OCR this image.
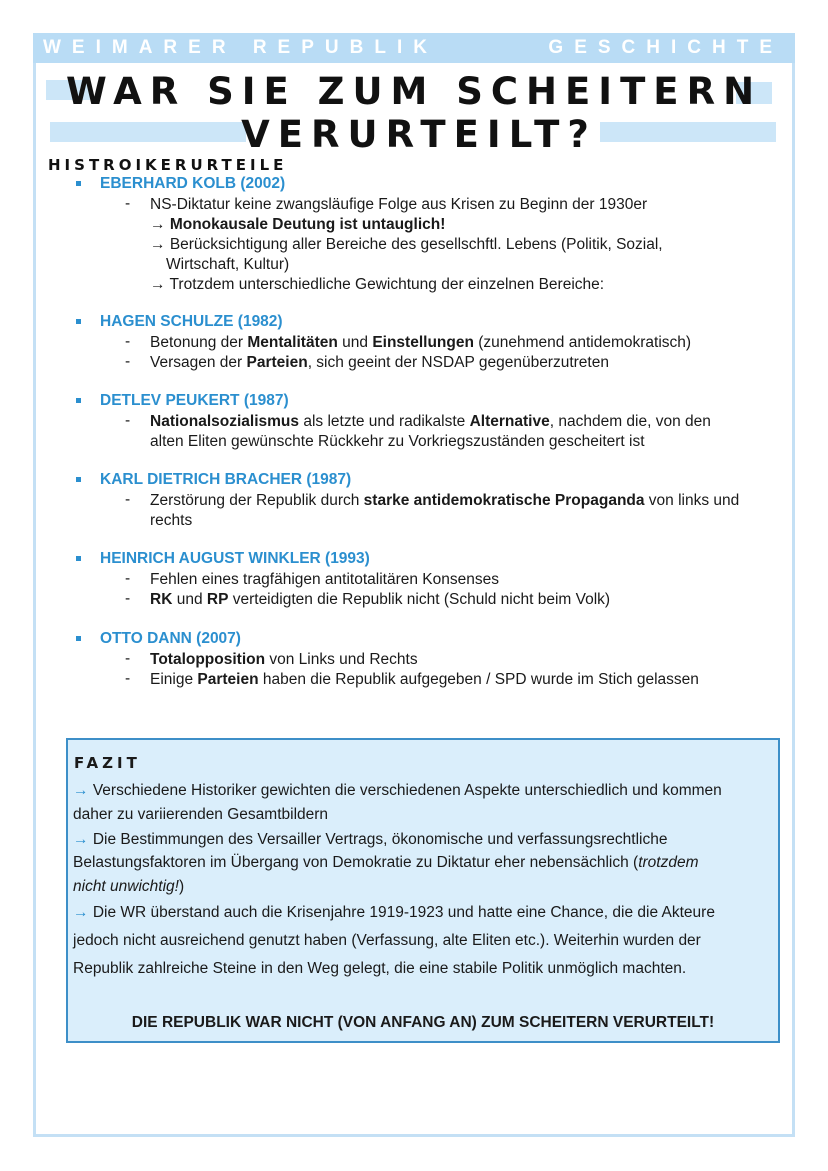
WEIMARER REPUBLIK	GESCHICHTE
WAR SIE ZUM SCHEITERN
VERURTEILT?
HISTROIKERURTEILE
EBERHARD KOLB (2002)
- NS-Diktatur keine zwangsläufige Folge aus Krisen zu Beginn der 1930er
→ Monokausale Deutung ist untauglich!
→ Berücksichtigung aller Bereiche des gesellschftl. Lebens (Politik, Sozial,
Wirtschaft, Kultur)
→ Trotzdem unterschiedliche Gewichtung der einzelnen Bereiche:
HAGEN SCHULZE (1982)
- Betonung der Mentalitäten und Einstellungen (zunehmend antidemokratisch)
- Versagen der Parteien, sich geeint der NSDAP gegenüberzutreten
DETLEV PEUKERT (1987)
- Nationalsozialismus als letzte und radikalste Alternative, nachdem die, von den
alten Eliten gewünschte Rückkehr zu Vorkriegszuständen gescheitert ist
KARL DIETRICH BRACHER (1987)
- Zerstörung der Republik durch starke antidemokratische Propaganda von links und
rechts
HEINRICH AUGUST WINKLER (1993)
- Fehlen eines tragfähigen antitotalitären Konsenses
- RK und RP verteidigten die Republik nicht (Schuld nicht beim Volk)
OTTO DANN (2007)
- Totalopposition von Links und Rechts
- Einige Parteien haben die Republik aufgegeben / SPD wurde im Stich gelassen
FAZIT
→ Verschiedene Historiker gewichten die verschiedenen Aspekte unterschiedlich und kommen
daher zu variierenden Gesamtbildern
→ Die Bestimmungen des Versailler Vertrags, ökonomische und verfassungsrechtliche
Belastungsfaktoren im Übergang von Demokratie zu Diktatur eher nebensächlich (trotzdem
nicht unwichtig!)
→ Die WR überstand auch die Krisenjahre 1919-1923 und hatte eine Chance, die die Akteure
jedoch nicht ausreichend genutzt haben (Verfassung, alte Eliten etc.). Weiterhin wurden der
Republik zahlreiche Steine in den Weg gelegt, die eine stabile Politik unmöglich machten.
DIE REPUBLIK WAR NICHT (VON ANFANG AN) ZUM SCHEITERN VERURTEILT!
